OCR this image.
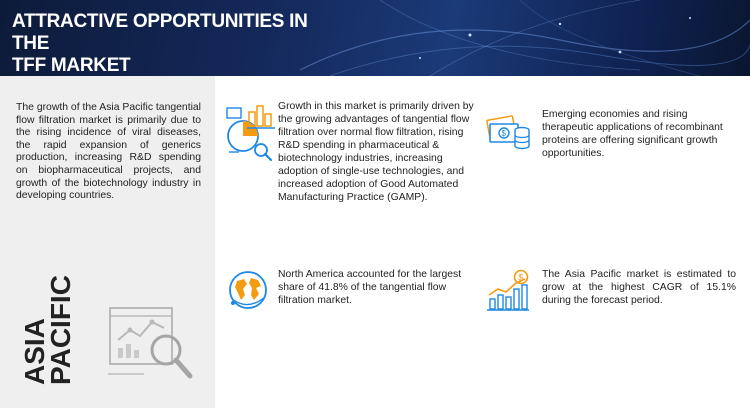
ATTRACTIVE OPPORTUNITIES IN THE
TFF MARKET

The growth of the Asia Pacific tangential flow filtration market is primarily due to the rising incidence of viral diseases, the rapid expansion of generics production, increasing R&D spending on biopharmaceutical projects, and growth of the biotechnology industry in developing countries.

ASIA
PACIFIC

Growth in this market is primarily driven by the growing advantages of tangential flow filtration over normal flow filtration, rising R&D spending in pharmaceutical & biotechnology industries, increasing adoption of single-use technologies, and increased adoption of Good Automated Manufacturing Practice (GAMP).

$

Emerging economies and rising therapeutic applications of recombinant proteins are offering significant growth opportunities.

North America accounted for the largest share of 41.8% of the tangential flow filtration market.

$ The Asia Pacific market is estimated to grow at the highest CAGR of 15.1% during the forecast period.
